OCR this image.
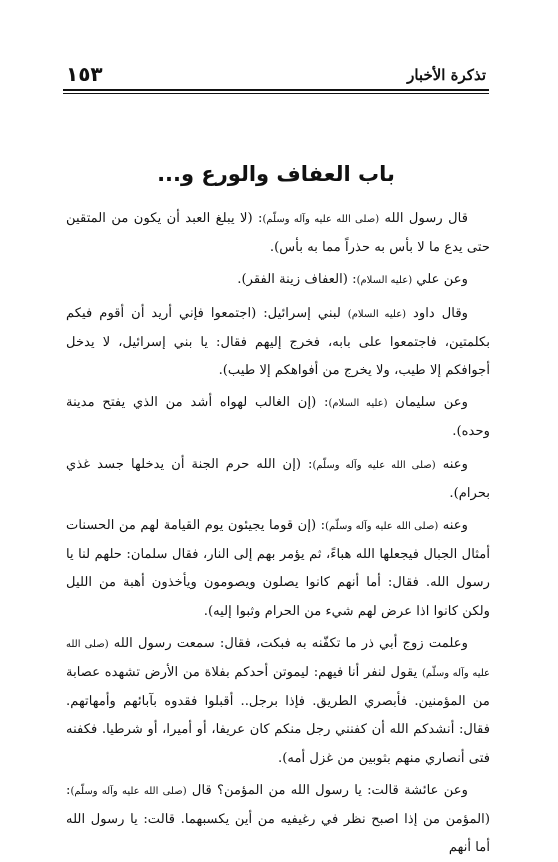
١٥٣	تذكرة الأخبار
باب العفاف والورع و...

قال رسول الله (صلى الله عليه وآله وسلّم): (لا يبلغ العبد أن يكون من المتقين حتى يدع ما لا بأس به حذراً مما به بأس).

وعن علي (عليه السلام): (العفاف زينة الفقر).

وقال داود (عليه السلام) لبني إسرائيل: (اجتمعوا فإني أريد أن أقوم فيكم بكلمتين، فاجتمعوا على بابه، فخرج إليهم فقال: يا بني إسرائيل، لا يدخل أجوافكم إلا طيب، ولا يخرج من أفواهكم إلا طيب).

وعن سليمان (عليه السلام): (إن الغالب لهواه أشد من الذي يفتح مدينة وحده).

وعنه (صلى الله عليه وآله وسلّم): (إن الله حرم الجنة أن يدخلها جسد غذي بحرام).

وعنه (صلى الله عليه وآله وسلّم): (إن قوما يجيئون يوم القيامة لهم من الحسنات أمثال الجبال فيجعلها الله هباءً، ثم يؤمر بهم إلى النار، فقال سلمان: حلهم لنا يا رسول الله. فقال: أما أنهم كانوا يصلون ويصومون ويأخذون أهبة من الليل ولكن كانوا اذا عرض لهم شيء من الحرام وثبوا إليه).

وعلمت زوج أبي ذر ما تكفّنه به فبكت، فقال: سمعت رسول الله (صلى الله عليه وآله وسلّم) يقول لنفر أنا فيهم: ليموتن أحدكم بفلاة من الأرض تشهده عصابة من المؤمنين. فأبصري الطريق. فإذا برجل.. أقبلوا فقدوه بآبائهم وأمهاتهم. فقال: أنشدكم الله أن كفنني رجل منكم كان عريفا، أو أميرا، أو شرطيا. فكفنه فتى أنصاري منهم بثوبين من غزل أمه).

وعن عائشة قالت: يا رسول الله من المؤمن؟ قال (صلى الله عليه وآله وسلّم): (المؤمن من إذا اصبح نظر في رغيفيه من أين يكسبهما. قالت: يا رسول الله أما أنهم
